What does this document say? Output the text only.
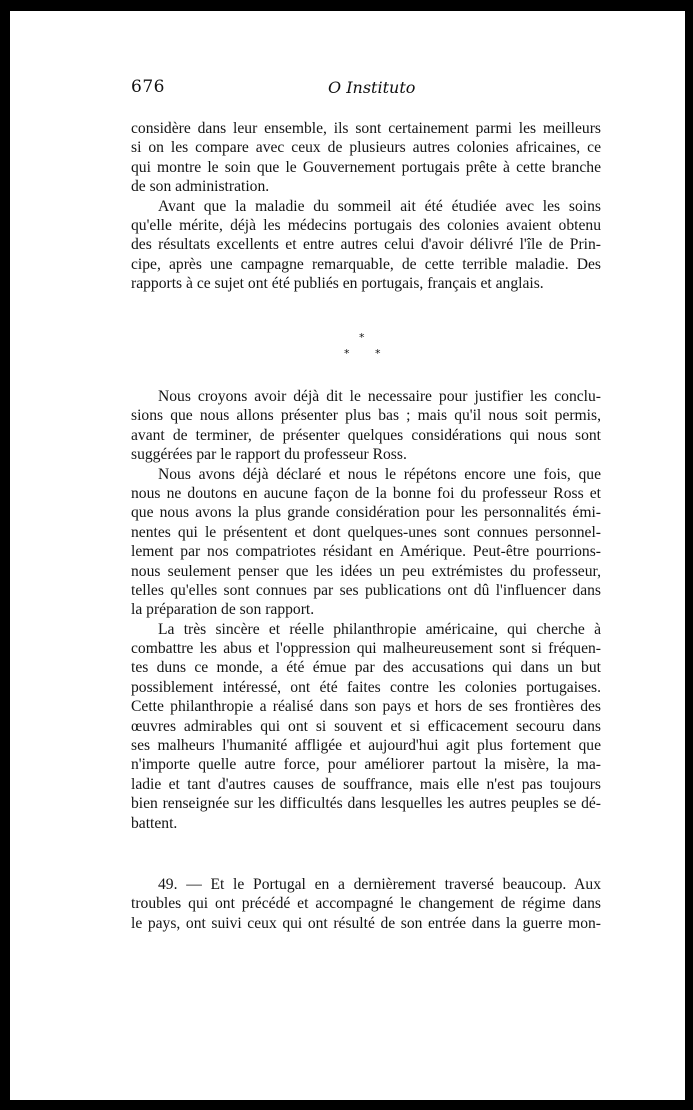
676	O Instituto
considère dans leur ensemble, ils sont certainement parmi les meilleurs
si on les compare avec ceux de plusieurs autres colonies africaines, ce
qui montre le soin que le Gouvernement portugais prête à cette branche
de son administration.
Avant que la maladie du sommeil ait été étudiée avec les soins
qu'elle mérite, déjà les médecins portugais des colonies avaient obtenu
des résultats excellents et entre autres celui d'avoir délivré l'île de Prin-
cipe, après une campagne remarquable, de cette terrible maladie. Des
rapports à ce sujet ont été publiés en portugais, français et anglais.
*
* *
Nous croyons avoir déjà dit le necessaire pour justifier les conclu-
sions que nous allons présenter plus bas ; mais qu'il nous soit permis,
avant de terminer, de présenter quelques considérations qui nous sont
suggérées par le rapport du professeur Ross.
Nous avons déjà déclaré et nous le répétons encore une fois, que
nous ne doutons en aucune façon de la bonne foi du professeur Ross et
que nous avons la plus grande considération pour les personnalités émi-
nentes qui le présentent et dont quelques-unes sont connues personnel-
lement par nos compatriotes résidant en Amérique. Peut-être pourrions-
nous seulement penser que les idées un peu extrémistes du professeur,
telles qu'elles sont connues par ses publications ont dû l'influencer dans
la préparation de son rapport.
La très sincère et réelle philanthropie américaine, qui cherche à
combattre les abus et l'oppression qui malheureusement sont si fréquen-
tes duns ce monde, a été émue par des accusations qui dans un but
possiblement intéressé, ont été faites contre les colonies portugaises.
Cette philanthropie a réalisé dans son pays et hors de ses frontières des
œuvres admirables qui ont si souvent et si efficacement secouru dans
ses malheurs l'humanité affligée et aujourd'hui agit plus fortement que
n'importe quelle autre force, pour améliorer partout la misère, la ma-
ladie et tant d'autres causes de souffrance, mais elle n'est pas toujours
bien renseignée sur les difficultés dans lesquelles les autres peuples se dé-
battent.
49. — Et le Portugal en a dernièrement traversé beaucoup. Aux
troubles qui ont précédé et accompagné le changement de régime dans
le pays, ont suivi ceux qui ont résulté de son entrée dans la guerre mon-
